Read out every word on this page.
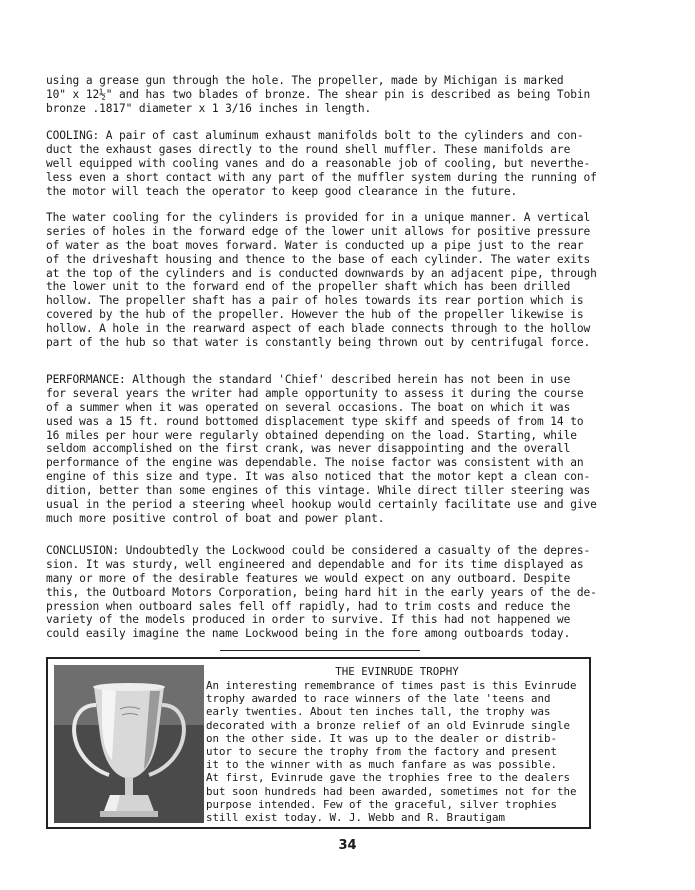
using a grease gun through the hole. The propeller, made by Michigan is marked
10" x 12½" and has two blades of bronze. The shear pin is described as being Tobin
bronze .1817" diameter x 1 3/16 inches in length.
COOLING: A pair of cast aluminum exhaust manifolds bolt to the cylinders and con-
duct the exhaust gases directly to the round shell muffler. These manifolds are
well equipped with cooling vanes and do a reasonable job of cooling, but neverthe-
less even a short contact with any part of the muffler system during the running of
the motor will teach the operator to keep good clearance in the future.
The water cooling for the cylinders is provided for in a unique manner. A vertical
series of holes in the forward edge of the lower unit allows for positive pressure
of water as the boat moves forward. Water is conducted up a pipe just to the rear
of the driveshaft housing and thence to the base of each cylinder. The water exits
at the top of the cylinders and is conducted downwards by an adjacent pipe, through
the lower unit to the forward end of the propeller shaft which has been drilled
hollow. The propeller shaft has a pair of holes towards its rear portion which is
covered by the hub of the propeller. However the hub of the propeller likewise is
hollow. A hole in the rearward aspect of each blade connects through to the hollow
part of the hub so that water is constantly being thrown out by centrifugal force.
PERFORMANCE: Although the standard 'Chief' described herein has not been in use
for several years the writer had ample opportunity to assess it during the course
of a summer when it was operated on several occasions. The boat on which it was
used was a 15 ft. round bottomed displacement type skiff and speeds of from 14 to
16 miles per hour were regularly obtained depending on the load. Starting, while
seldom accomplished on the first crank, was never disappointing and the overall
performance of the engine was dependable. The noise factor was consistent with an
engine of this size and type. It was also noticed that the motor kept a clean con-
dition, better than some engines of this vintage. While direct tiller steering was
usual in the period a steering wheel hookup would certainly facilitate use and give
much more positive control of boat and power plant.
CONCLUSION: Undoubtedly the Lockwood could be considered a casualty of the depres-
sion. It was sturdy, well engineered and dependable and for its time displayed as
many or more of the desirable features we would expect on any outboard. Despite
this, the Outboard Motors Corporation, being hard hit in the early years of the de-
pression when outboard sales fell off rapidly, had to trim costs and reduce the
variety of the models produced in order to survive. If this had not happened we
could easily imagine the name Lockwood being in the fore among outboards today.
THE EVINRUDE TROPHY
An interesting remembrance of times past is this Evinrude
trophy awarded to race winners of the late 'teens and
early twenties. About ten inches tall, the trophy was
decorated with a bronze relief of an old Evinrude single
on the other side. It was up to the dealer or distrib-
utor to secure the trophy from the factory and present
it to the winner with as much fanfare as was possible.
At first, Evinrude gave the trophies free to the dealers
but soon hundreds had been awarded, sometimes not for the
purpose intended. Few of the graceful, silver trophies
still exist today. W. J. Webb and R. Brautigam
34
